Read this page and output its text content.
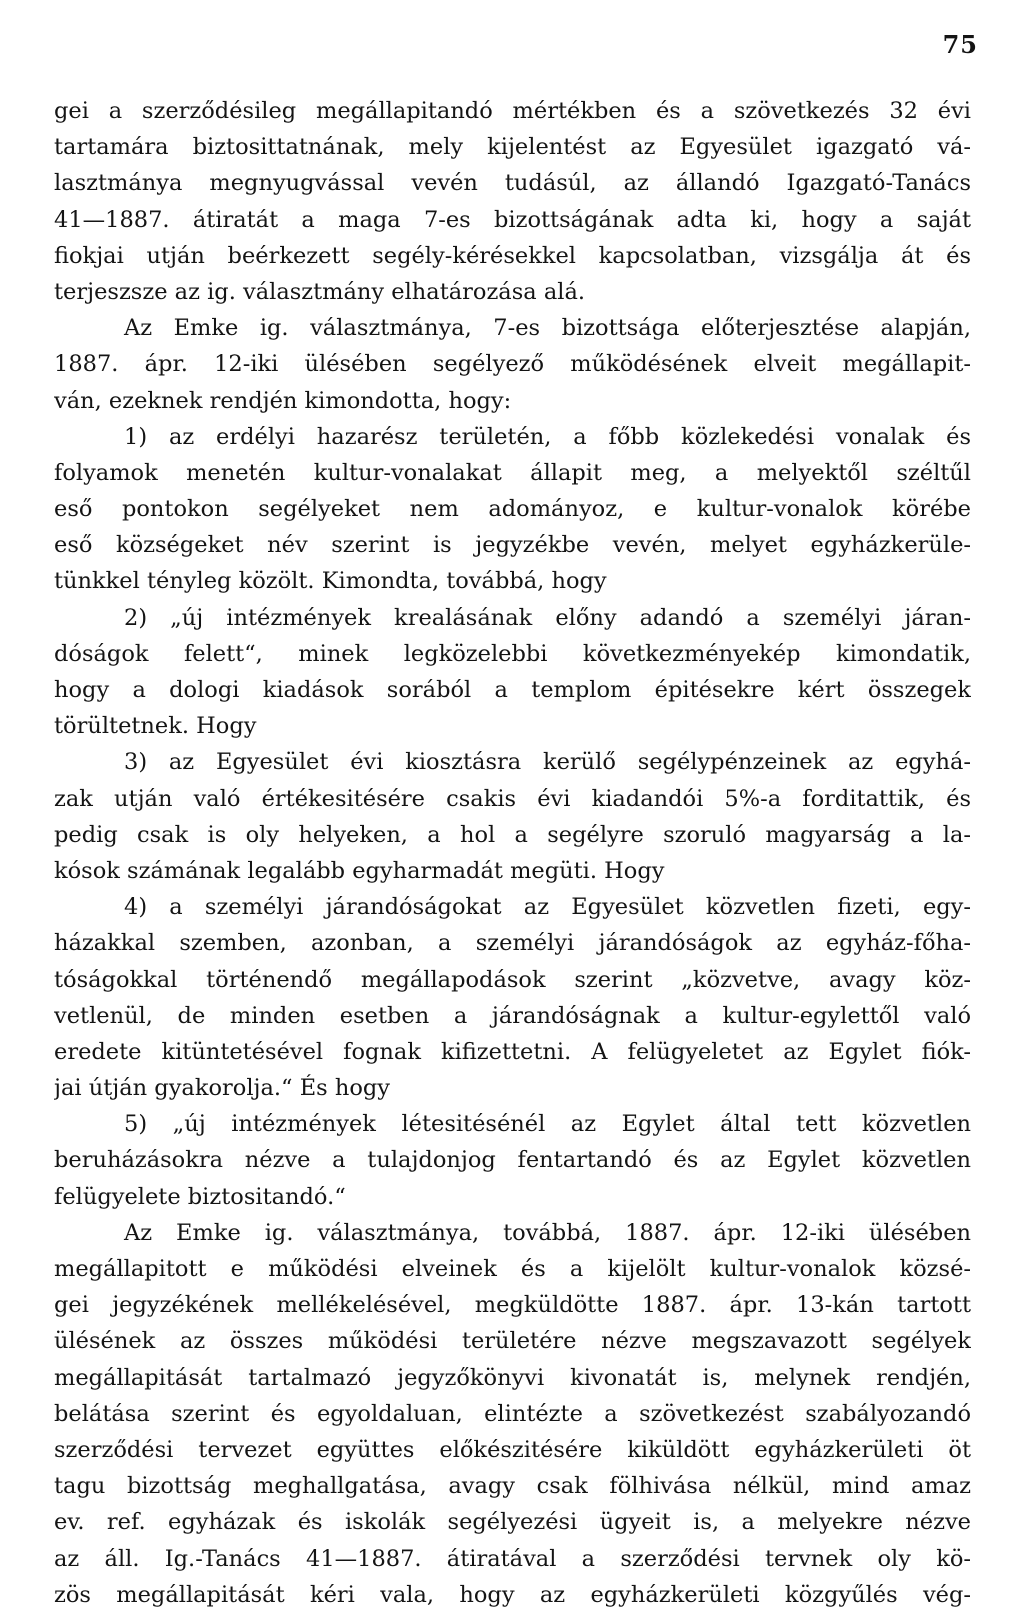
75
gei a szerződésileg megállapitandó mértékben és a szövetkezés 32 évi
tartamára biztosittatnának, mely kijelentést az Egyesület igazgató vá-
lasztmánya megnyugvással vevén tudásúl, az állandó Igazgató-Tanács
41—1887. átiratát a maga 7-es bizottságának adta ki, hogy a saját
fiokjai utján beérkezett segély-kérésekkel kapcsolatban, vizsgálja át és
terjeszsze az ig. választmány elhatározása alá.
Az Emke ig. választmánya, 7-es bizottsága előterjesztése alapján,
1887. ápr. 12-iki ülésében segélyező működésének elveit megállapit-
ván, ezeknek rendjén kimondotta, hogy:
1) az erdélyi hazarész területén, a főbb közlekedési vonalak és
folyamok menetén kultur-vonalakat állapit meg, a melyektől széltűl
eső pontokon segélyeket nem adományoz, e kultur-vonalok körébe
eső községeket név szerint is jegyzékbe vevén, melyet egyházkerüle-
tünkkel tényleg közölt. Kimondta, továbbá, hogy
2) „új intézmények krealásának előny adandó a személyi járan-
dóságok felett“, minek legközelebbi következményekép kimondatik,
hogy a dologi kiadások sorából a templom épitésekre kért összegek
törültetnek. Hogy
3) az Egyesület évi kiosztásra kerülő segélypénzeinek az egyhá-
zak utján való értékesitésére csakis évi kiadandói 5%-a forditattik, és
pedig csak is oly helyeken, a hol a segélyre szoruló magyarság a la-
kósok számának legalább egyharmadát megüti. Hogy
4) a személyi járandóságokat az Egyesület közvetlen fizeti, egy-
házakkal szemben, azonban, a személyi járandóságok az egyház-főha-
tóságokkal történendő megállapodások szerint „közvetve, avagy köz-
vetlenül, de minden esetben a járandóságnak a kultur-egylettől való
eredete kitüntetésével fognak kifizettetni. A felügyeletet az Egylet fiók-
jai útján gyakorolja.“ És hogy
5) „új intézmények létesitésénél az Egylet által tett közvetlen
beruházásokra nézve a tulajdonjog fentartandó és az Egylet közvetlen
felügyelete biztositandó.“
Az Emke ig. választmánya, továbbá, 1887. ápr. 12-iki ülésében
megállapitott e működési elveinek és a kijelölt kultur-vonalok közsé-
gei jegyzékének mellékelésével, megküldötte 1887. ápr. 13-kán tartott
ülésének az összes működési területére nézve megszavazott segélyek
megállapitását tartalmazó jegyzőkönyvi kivonatát is, melynek rendjén,
belátása szerint és egyoldaluan, elintézte a szövetkezést szabályozandó
szerződési tervezet együttes előkészitésére kiküldött egyházkerületi öt
tagu bizottság meghallgatása, avagy csak fölhivása nélkül, mind amaz
ev. ref. egyházak és iskolák segélyezési ügyeit is, a melyekre nézve
az áll. Ig.-Tanács 41—1887. átiratával a szerződési tervnek oly kö-
zös megállapitását kéri vala, hogy az egyházkerületi közgyűlés vég-
